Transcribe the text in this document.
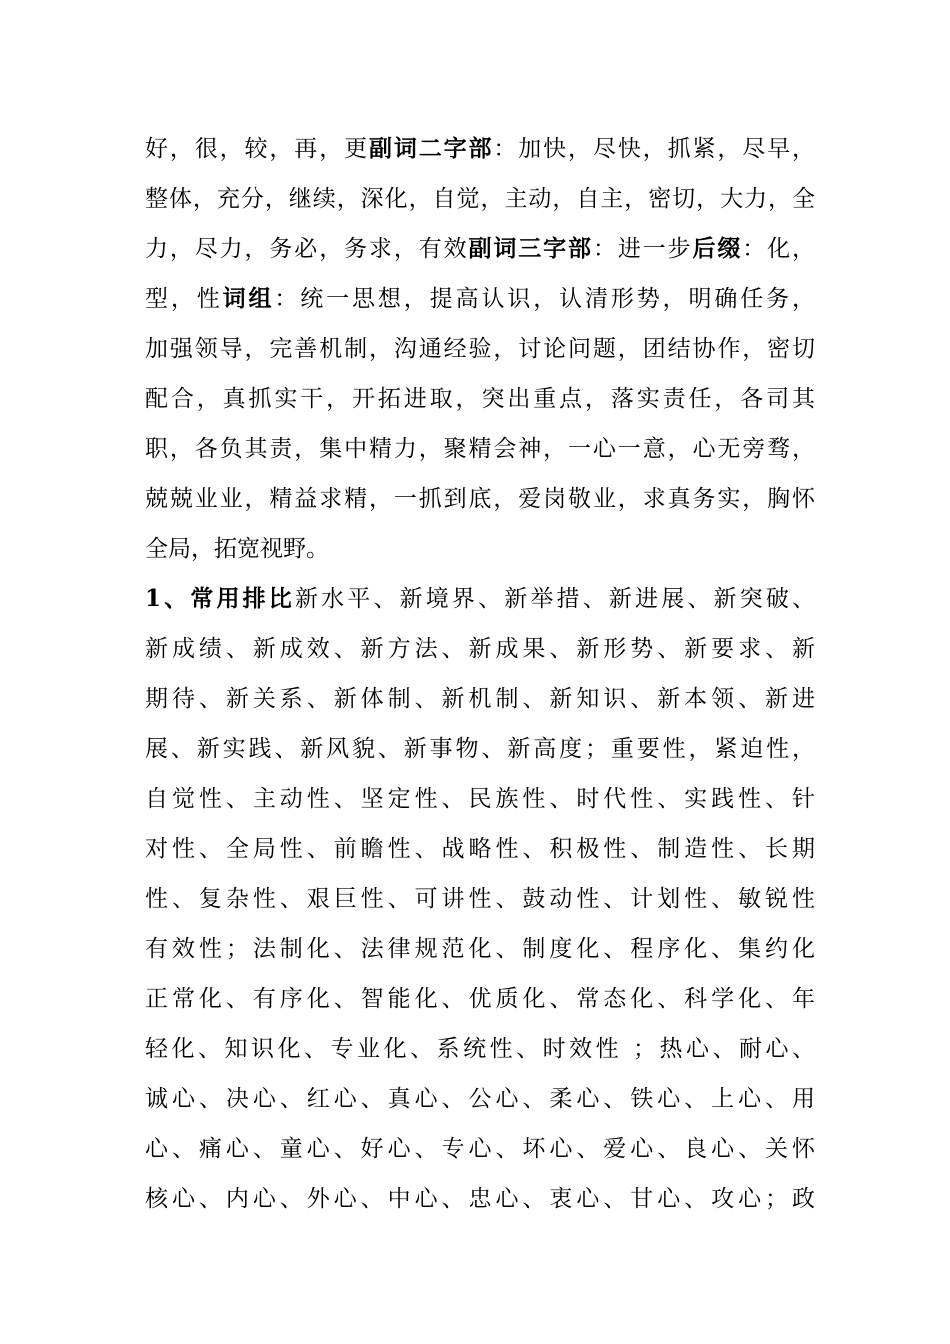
好，很，较，再，更副词二字部：加快，尽快，抓紧，尽早，
整体，充分，继续，深化，自觉，主动，自主，密切，大力，全
力，尽力，务必，务求，有效副词三字部：进一步后缀：化，
型，性词组：统一思想，提高认识，认清形势，明确任务，
加强领导，完善机制，沟通经验，讨论问题，团结协作，密切
配合，真抓实干，开拓进取，突出重点，落实责任，各司其
职，各负其责，集中精力，聚精会神，一心一意，心无旁骛，
兢兢业业，精益求精，一抓到底，爱岗敬业，求真务实，胸怀
全局，拓宽视野。
1、常用排比新水平、新境界、新举措、新进展、新突破、
新成绩、新成效、新方法、新成果、新形势、新要求、新
期待、新关系、新体制、新机制、新知识、新本领、新进
展、新实践、新风貌、新事物、新高度；重要性，紧迫性，
自觉性、主动性、坚定性、民族性、时代性、实践性、针
对性、全局性、前瞻性、战略性、积极性、制造性、长期
性、复杂性、艰巨性、可讲性、鼓动性、计划性、敏锐性
有效性；法制化、法律规范化、制度化、程序化、集约化
正常化、有序化、智能化、优质化、常态化、科学化、年
轻化、知识化、专业化、系统性、时效性 ；热心、耐心、
诚心、决心、红心、真心、公心、柔心、铁心、上心、用
心、痛心、童心、好心、专心、坏心、爱心、良心、关怀
核心、内心、外心、中心、忠心、衷心、甘心、攻心；政
